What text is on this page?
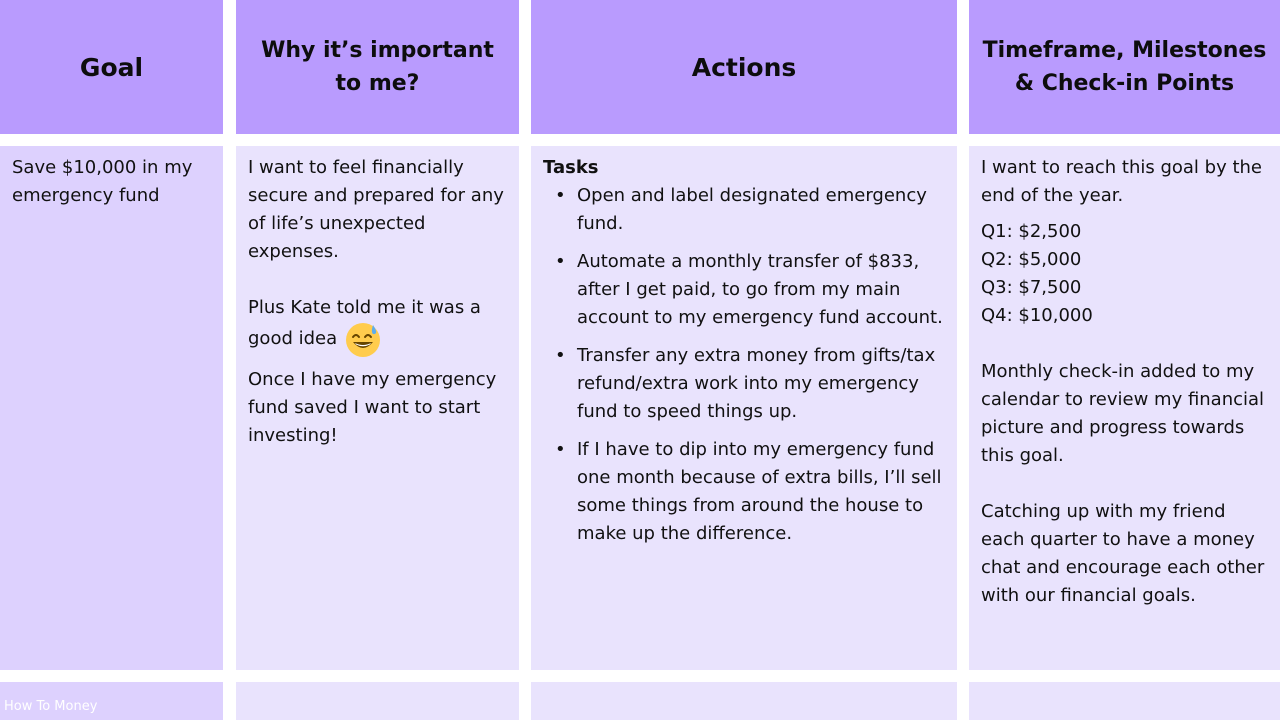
Goal
Why it’s important
to me?
Actions
Timeframe, Milestones
& Check-in Points
Save $10,000 in my emergency fund
I want to feel financially secure and prepared for any of life’s unexpected expenses.
Plus Kate told me it was a good idea
Once I have my emergency fund saved I want to start investing!
Tasks
• Open and label designated emergency fund.
• Automate a monthly transfer of $833, after I get paid, to go from my main account to my emergency fund account.
• Transfer any extra money from gifts/tax refund/extra work into my emergency fund to speed things up.
• If I have to dip into my emergency fund one month because of extra bills, I’ll sell some things from around the house to make up the difference.
I want to reach this goal by the end of the year.
Q1: $2,500
Q2: $5,000
Q3: $7,500
Q4: $10,000
Monthly check-in added to my calendar to review my financial picture and progress towards this goal.
Catching up with my friend each quarter to have a money chat and encourage each other with our financial goals.
How To Money
